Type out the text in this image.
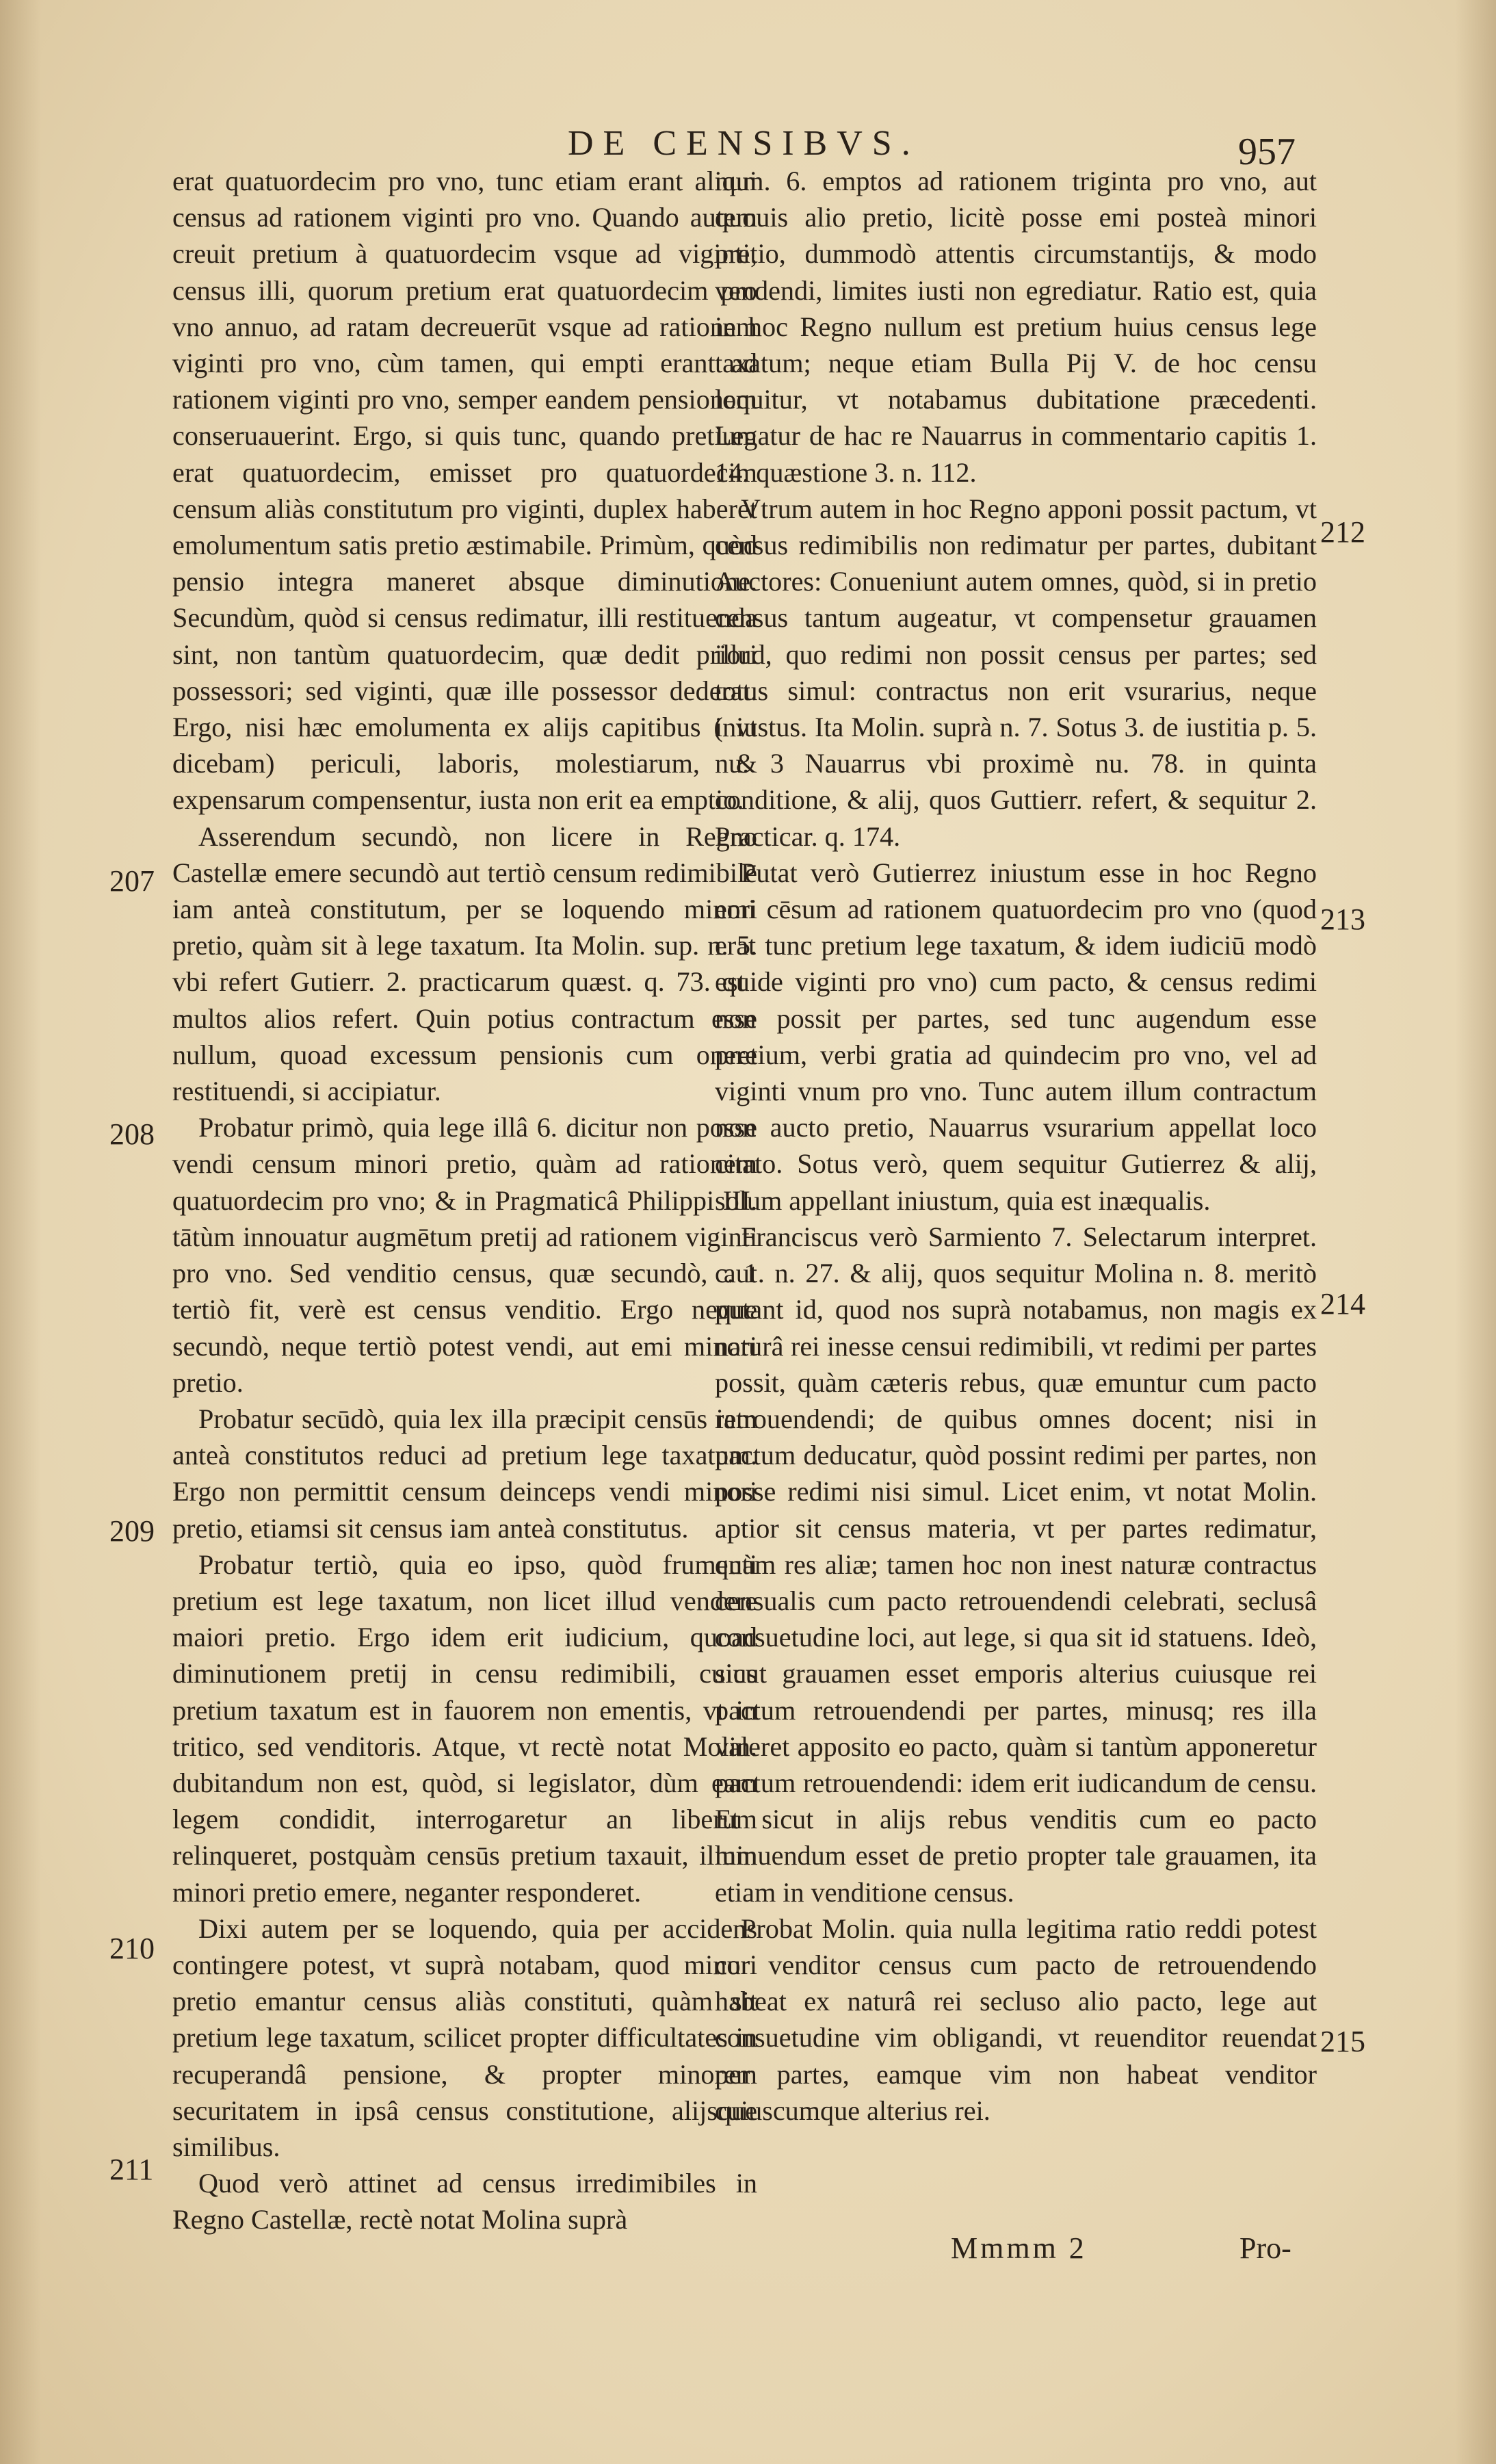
DE CENSIBVS.	957
207
208
209
210
211
212
213
214
215

erat quatuordecim pro vno, tunc etiam erant aliqui census ad rationem viginti pro vno. Quando autem creuit pretium à quatuordecim vsque ad viginti, census illi, quorum pretium erat quatuordecim pro vno annuo, ad ratam decreuerūt vsque ad rationem viginti pro vno, cùm tamen, qui empti erant ad rationem viginti pro vno, semper eandem pensionem conseruauerint. Ergo, si quis tunc, quando pretium erat quatuordecim, emisset pro quatuordecim censum aliàs constitutum pro viginti, duplex haberet emolumentum satis pretio æstimabile. Primùm, quòd pensio integra maneret absque diminutione. Secundùm, quòd si census redimatur, illi restituenda sint, non tantùm quatuordecim, quæ dedit priori possessori; sed viginti, quæ ille possessor dederat. Ergo, nisi hæc emolumenta ex alijs capitibus ( vt dicebam) periculi, laboris, molestiarum, & expensarum compensentur, iusta non erit ea emptio.

Asserendum secundò, non licere in Regno Castellæ emere secundò aut tertiò censum redimibilē iam anteà constitutum, per se loquendo minori pretio, quàm sit à lege taxatum. Ita Molin. sup. n. 5. vbi refert Gutierr. 2. practicarum quæst. q. 73. qui multos alios refert. Quin potius contractum esse nullum, quoad excessum pensionis cum onere restituendi, si accipiatur.

Probatur primò, quia lege illâ 6. dicitur non posse vendi censum minori pretio, quàm ad rationem quatuordecim pro vno; & in Pragmaticâ Philippi III. tātùm innouatur augmētum pretij ad rationem viginti pro vno. Sed venditio census, quæ secundò, aut tertiò fit, verè est census venditio. Ergo neque secundò, neque tertiò potest vendi, aut emi minori pretio.

Probatur secūdò, quia lex illa præcipit censūs iam anteà constitutos reduci ad pretium lege taxatum. Ergo non permittit censum deinceps vendi minori pretio, etiamsi sit census iam anteà constitutus.

Probatur tertiò, quia eo ipso, quòd frumenti pretium est lege taxatum, non licet illud vendere maiori pretio. Ergo idem erit iudicium, quoad diminutionem pretij in censu redimibili, cuius pretium taxatum est in fauorem non ementis, vt in tritico, sed venditoris. Atque, vt rectè notat Molin. dubitandum non est, quòd, si legislator, dùm eam legem condidit, interrogaretur an liberum relinqueret, postquàm censūs pretium taxauit, illum minori pretio emere, neganter responderet.

Dixi autem per se loquendo, quia per accidens contingere potest, vt suprà notabam, quod minori pretio emantur census aliàs constituti, quàm sit pretium lege taxatum, scilicet propter difficultates in recuperandâ pensione, & propter minorem securitatem in ipsâ census constitutione, alijsque similibus.

Quod verò attinet ad census irredimibiles in Regno Castellæ, rectè notat Molina suprà

num. 6. emptos ad rationem triginta pro vno, aut quouis alio pretio, licitè posse emi posteà minori pretio, dummodò attentis circumstantijs, & modo vendendi, limites iusti non egrediatur. Ratio est, quia in hoc Regno nullum est pretium huius census lege taxatum; neque etiam Bulla Pij V. de hoc censu loquitur, vt notabamus dubitatione præcedenti. Legatur de hac re Nauarrus in commentario capitis 1. 14. quæstione 3. n. 112.

Vtrum autem in hoc Regno apponi possit pactum, vt census redimibilis non redimatur per partes, dubitant Auctores: Conueniunt autem omnes, quòd, si in pretio census tantum augeatur, vt compensetur grauamen illud, quo redimi non possit census per partes; sed totus simul: contractus non erit vsurarius, neque iniustus. Ita Molin. suprà n. 7. Sotus 3. de iustitia p. 5. nu. 3 Nauarrus vbi proximè nu. 78. in quinta conditione, & alij, quos Guttierr. refert, & sequitur 2. Practicar. q. 174.

Putat verò Gutierrez iniustum esse in hoc Regno emi cēsum ad rationem quatuordecim pro vno (quod erat tunc pretium lege taxatum, & idem iudiciū modò est de viginti pro vno) cum pacto, & census redimi non possit per partes, sed tunc augendum esse pretium, verbi gratia ad quindecim pro vno, vel ad viginti vnum pro vno. Tunc autem illum contractum non aucto pretio, Nauarrus vsurarium appellat loco citato. Sotus verò, quem sequitur Gutierrez & alij, solum appellant iniustum, quia est inæqualis.

Franciscus verò Sarmiento 7. Selectarum interpret. c. 1. n. 27. & alij, quos sequitur Molina n. 8. meritò putant id, quod nos suprà notabamus, non magis ex naturâ rei inesse censui redimibili, vt redimi per partes possit, quàm cæteris rebus, quæ emuntur cum pacto retrouendendi; de quibus omnes docent; nisi in pactum deducatur, quòd possint redimi per partes, non posse redimi nisi simul. Licet enim, vt notat Molin. aptior sit census materia, vt per partes redimatur, quàm res aliæ; tamen hoc non inest naturæ contractus censualis cum pacto retrouendendi celebrati, seclusâ consuetudine loci, aut lege, si qua sit id statuens. Ideò, sicut grauamen esset emporis alterius cuiusque rei pactum retrouendendi per partes, minusq; res illa valeret apposito eo pacto, quàm si tantùm apponeretur pactum retrouendendi: idem erit iudicandum de censu. Et sicut in alijs rebus venditis cum eo pacto minuendum esset de pretio propter tale grauamen, ita etiam in venditione census.

Probat Molin. quia nulla legitima ratio reddi potest cur venditor census cum pacto de retrouendendo habeat ex naturâ rei secluso alio pacto, lege aut consuetudine vim obligandi, vt reuenditor reuendat per partes, eamque vim non habeat venditor cuiuscumque alterius rei.

Mmmm 2	Pro-
